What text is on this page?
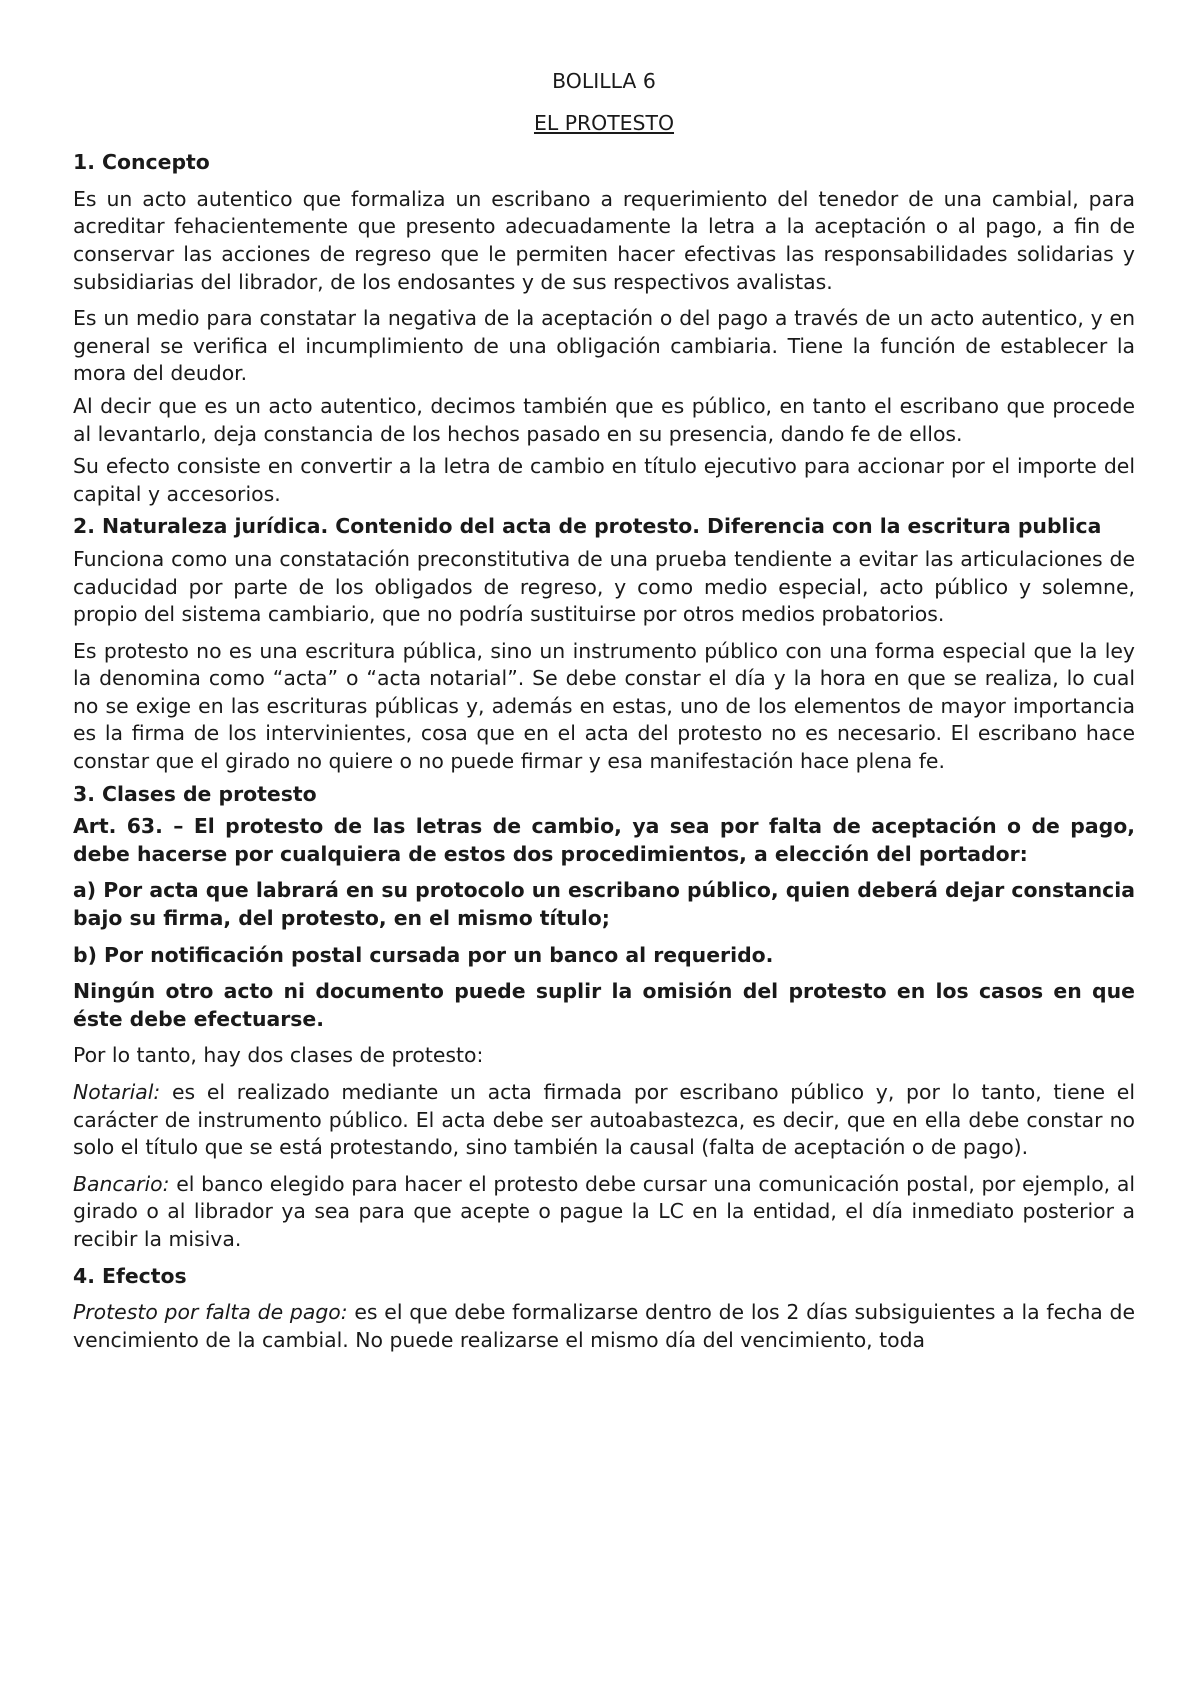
BOLILLA 6

EL PROTESTO

1. Concepto

Es un acto autentico que formaliza un escribano a requerimiento del tenedor de una cambial, para acreditar fehacientemente que presento adecuadamente la letra a la aceptación o al pago, a fin de conservar las acciones de regreso que le permiten hacer efectivas las responsabilidades solidarias y subsidiarias del librador, de los endosantes y de sus respectivos avalistas.

Es un medio para constatar la negativa de la aceptación o del pago a través de un acto autentico, y en general se verifica el incumplimiento de una obligación cambiaria. Tiene la función de establecer la mora del deudor.

Al decir que es un acto autentico, decimos también que es público, en tanto el escribano que procede al levantarlo, deja constancia de los hechos pasado en su presencia, dando fe de ellos.

Su efecto consiste en convertir a la letra de cambio en título ejecutivo para accionar por el importe del capital y accesorios.

2. Naturaleza jurídica. Contenido del acta de protesto. Diferencia con la escritura publica

Funciona como una constatación preconstitutiva de una prueba tendiente a evitar las articulaciones de caducidad por parte de los obligados de regreso, y como medio especial, acto público y solemne, propio del sistema cambiario, que no podría sustituirse por otros medios probatorios.

Es protesto no es una escritura pública, sino un instrumento público con una forma especial que la ley la denomina como “acta” o “acta notarial”. Se debe constar el día y la hora en que se realiza, lo cual no se exige en las escrituras públicas y, además en estas, uno de los elementos de mayor importancia es la firma de los intervinientes, cosa que en el acta del protesto no es necesario. El escribano hace constar que el girado no quiere o no puede firmar y esa manifestación hace plena fe.

3. Clases de protesto

Art. 63. – El protesto de las letras de cambio, ya sea por falta de aceptación o de pago, debe hacerse por cualquiera de estos dos procedimientos, a elección del portador:

a) Por acta que labrará en su protocolo un escribano público, quien deberá dejar constancia bajo su firma, del protesto, en el mismo título;

b) Por notificación postal cursada por un banco al requerido.

Ningún otro acto ni documento puede suplir la omisión del protesto en los casos en que éste debe efectuarse.

Por lo tanto, hay dos clases de protesto:

Notarial: es el realizado mediante un acta firmada por escribano público y, por lo tanto, tiene el carácter de instrumento público. El acta debe ser autoabastezca, es decir, que en ella debe constar no solo el título que se está protestando, sino también la causal (falta de aceptación o de pago).

Bancario: el banco elegido para hacer el protesto debe cursar una comunicación postal, por ejemplo, al girado o al librador ya sea para que acepte o pague la LC en la entidad, el día inmediato posterior a recibir la misiva.

4. Efectos

Protesto por falta de pago: es el que debe formalizarse dentro de los 2 días subsiguientes a la fecha de vencimiento de la cambial. No puede realizarse el mismo día del vencimiento, toda
